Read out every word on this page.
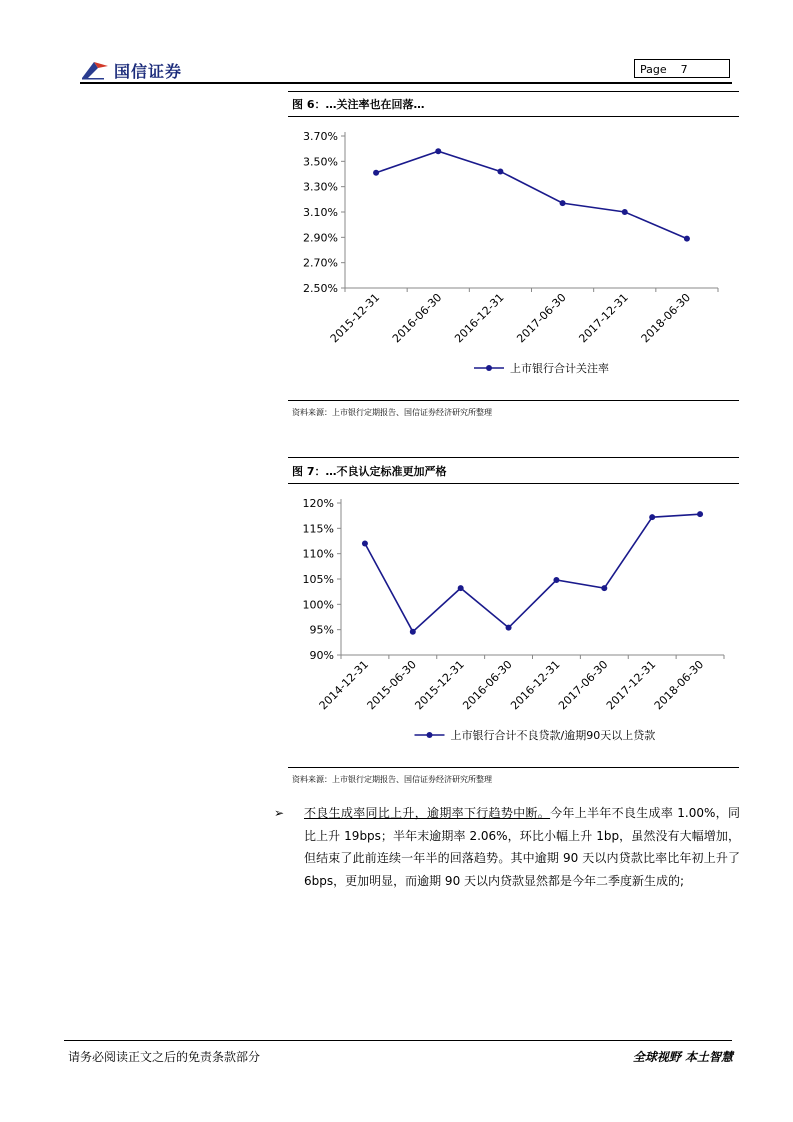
国信证券	Page 7
图 6：…关注率也在回落…
2.50%
2.70%
2.90%
3.10%
3.30%
3.50%
3.70%
2015-12-31 2016-06-30 2016-12-31 2017-06-30 2017-12-31 2018-06-30
上市银行合计关注率
资料来源：上市银行定期报告、国信证券经济研究所整理
图 7：…不良认定标准更加严格
90%
95%
100%
105%
110%
115%
120%
2014-12-31
2015-06-30
2015-12-31
2016-06-30
2016-12-31
2017-06-30
2017-12-31
2018-06-30
上市银行合计不良贷款/逾期90天以上贷款
资料来源：上市银行定期报告、国信证券经济研究所整理
➢ 不良生成率同比上升，逾期率下行趋势中断。今年上半年不良生成率 1.00%，同比上升 19bps；半年末逾期率 2.06%，环比小幅上升 1bp，虽然没有大幅增加，但结束了此前连续一年半的回落趋势。其中逾期 90 天以内贷款比率比年初上升了 6bps，更加明显，而逾期 90 天以内贷款显然都是今年二季度新生成的;
请务必阅读正文之后的免责条款部分	全球视野 本土智慧
